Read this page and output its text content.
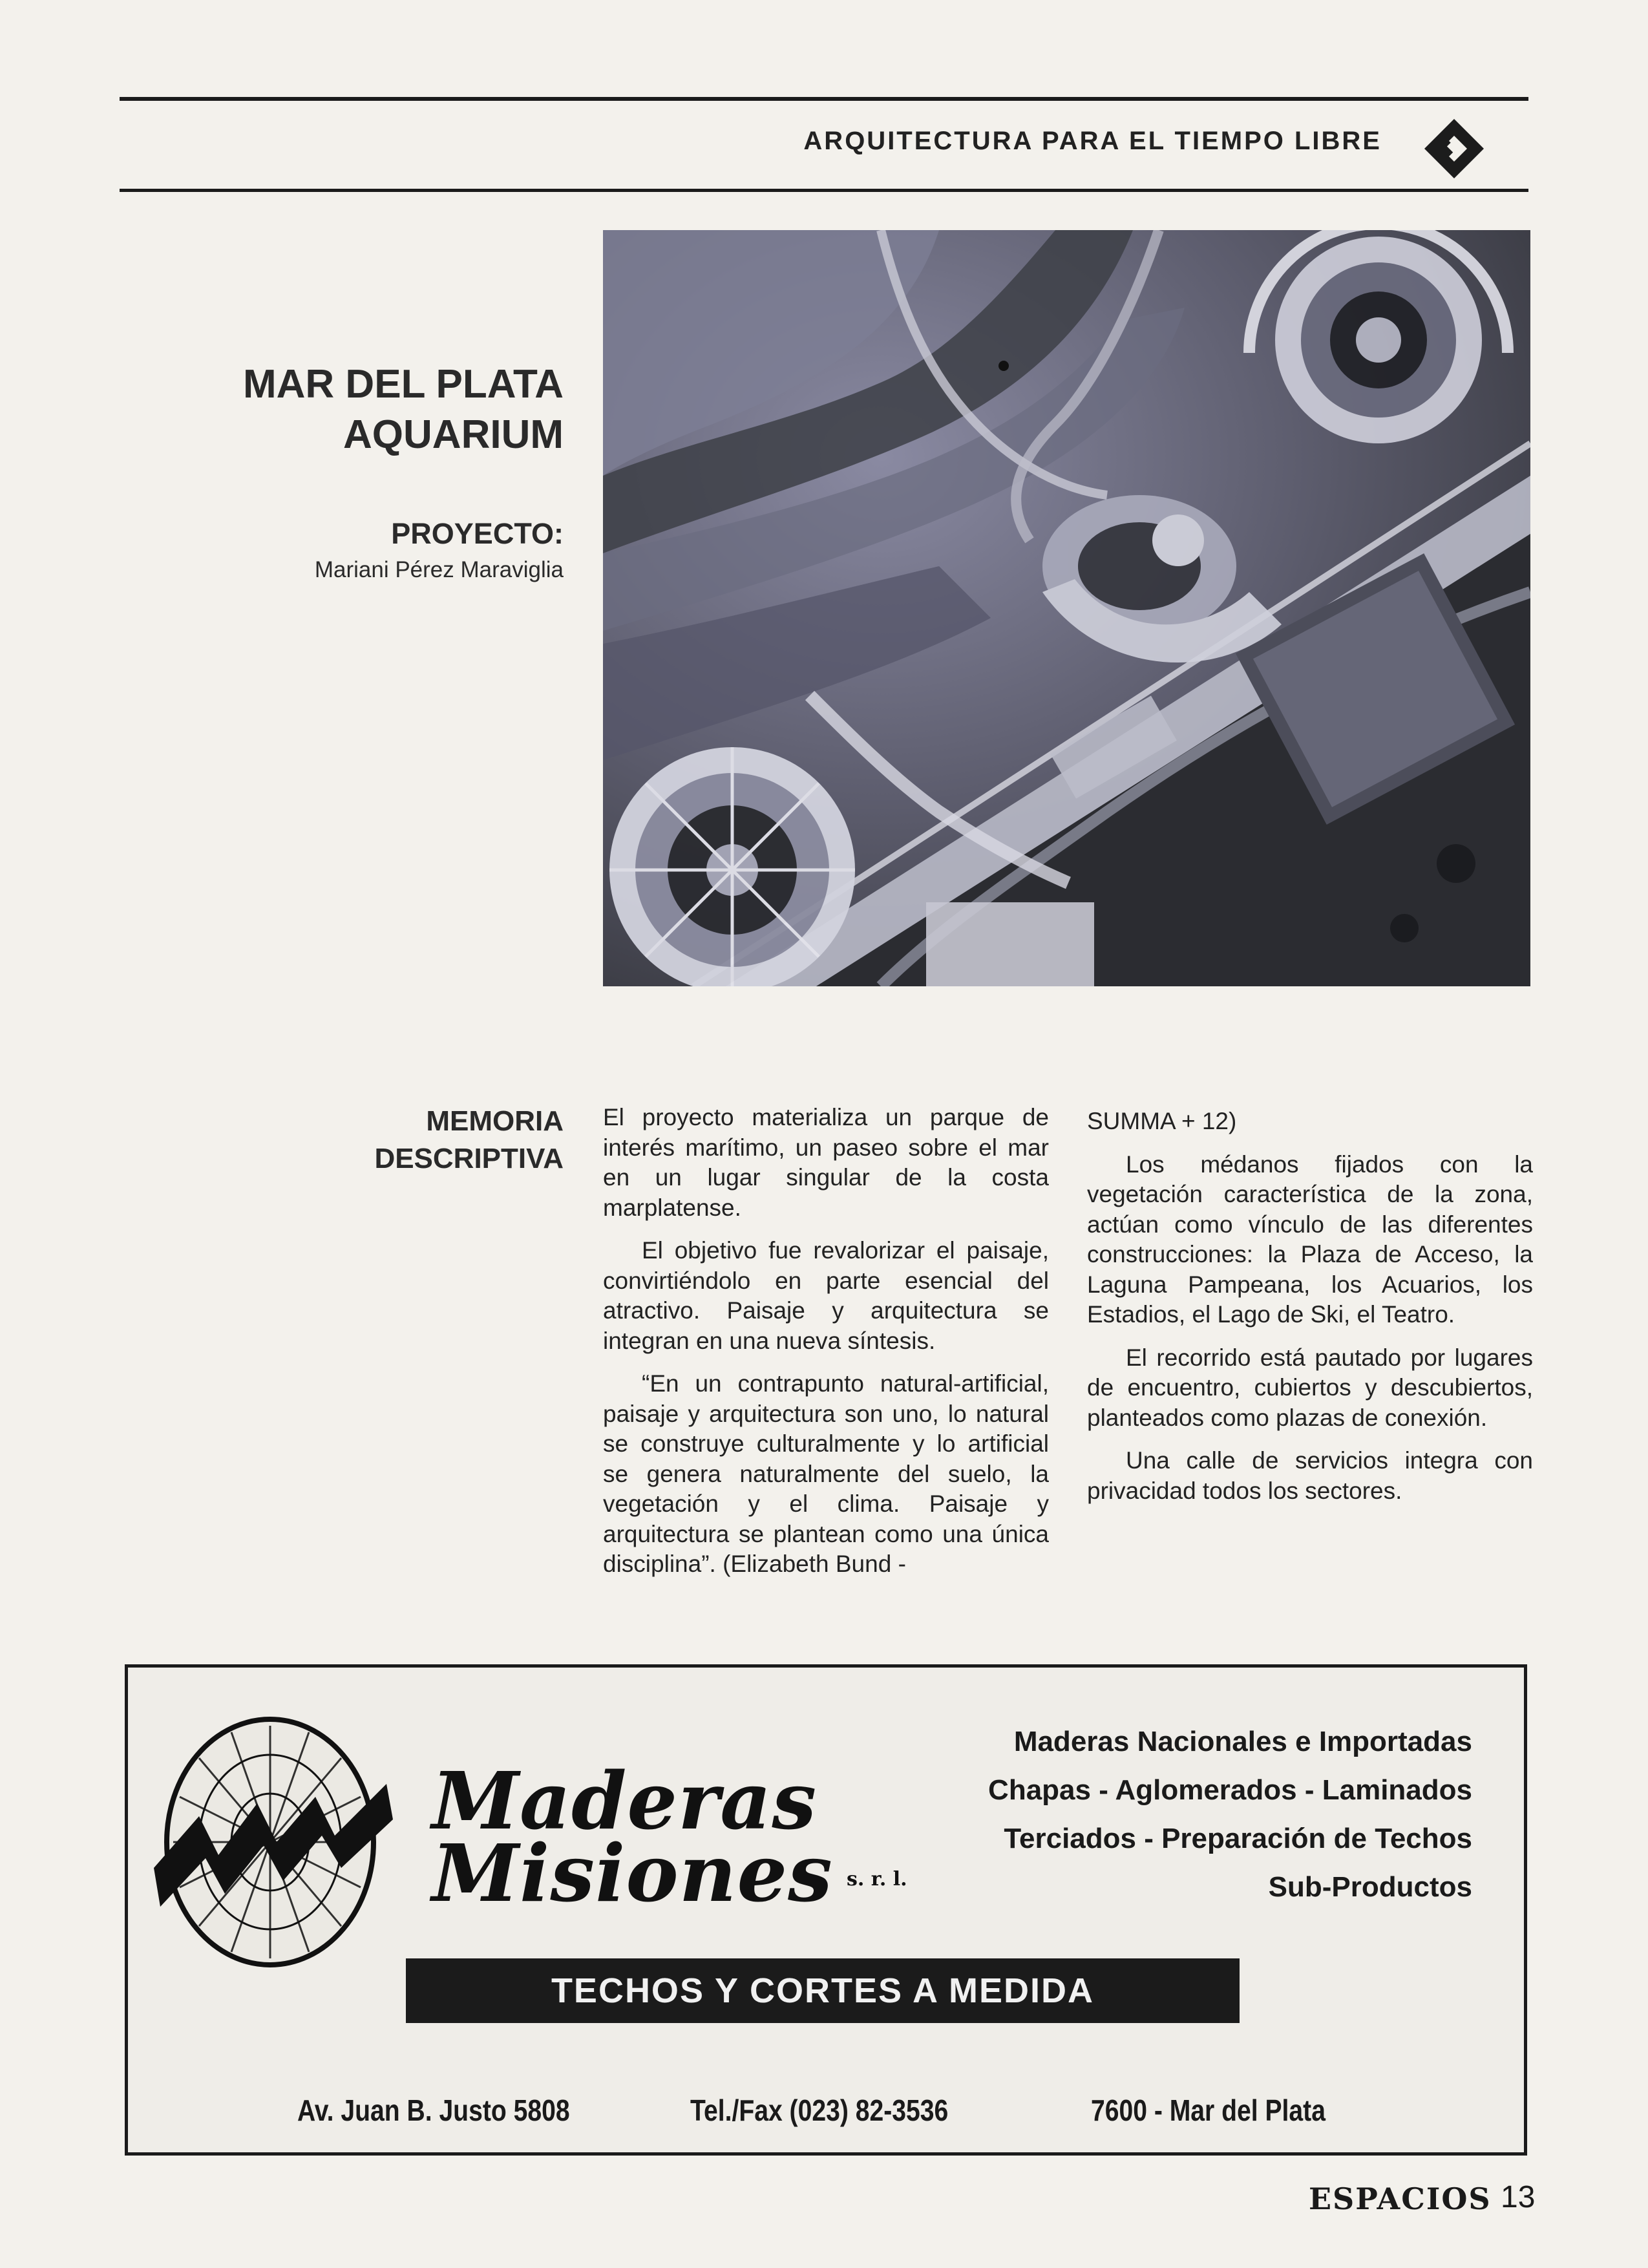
ARQUITECTURA PARA EL TIEMPO LIBRE
MAR DEL PLATA
AQUARIUM
PROYECTO:
Mariani Pérez Maraviglia
MEMORIA
DESCRIPTIVA

El proyecto materializa un parque de interés marítimo, un paseo sobre el mar en un lugar singular de la costa marplatense.

El objetivo fue revalorizar el paisaje, convirtiéndolo en parte esencial del atractivo. Paisaje y arquitectura se integran en una nueva síntesis.

“En un contrapunto natural-artificial, paisaje y arquitectura son uno, lo natural se construye culturalmente y lo artificial se genera naturalmente del suelo, la vegetación y el clima. Paisaje y arquitectura se plantean como una única disciplina”. (Elizabeth Bund -

SUMMA + 12)

Los médanos fijados con la vegetación característica de la zona, actúan como vínculo de las diferentes construcciones: la Plaza de Acceso, la Laguna Pampeana, los Acuarios, los Estadios, el Lago de Ski, el Teatro.

El recorrido está pautado por lugares de encuentro, cubiertos y descubiertos, planteados como plazas de conexión.

Una calle de servicios integra con privacidad todos los sectores.

Maderas
Misiones s. r. l.
Maderas Nacionales e Importadas
Chapas - Aglomerados - Laminados
Terciados - Preparación de Techos
Sub-Productos
TECHOS Y CORTES A MEDIDA
Av. Juan B. Justo 5808	Tel./Fax (023) 82-3536	7600 - Mar del Plata
ESPACIOS 13
